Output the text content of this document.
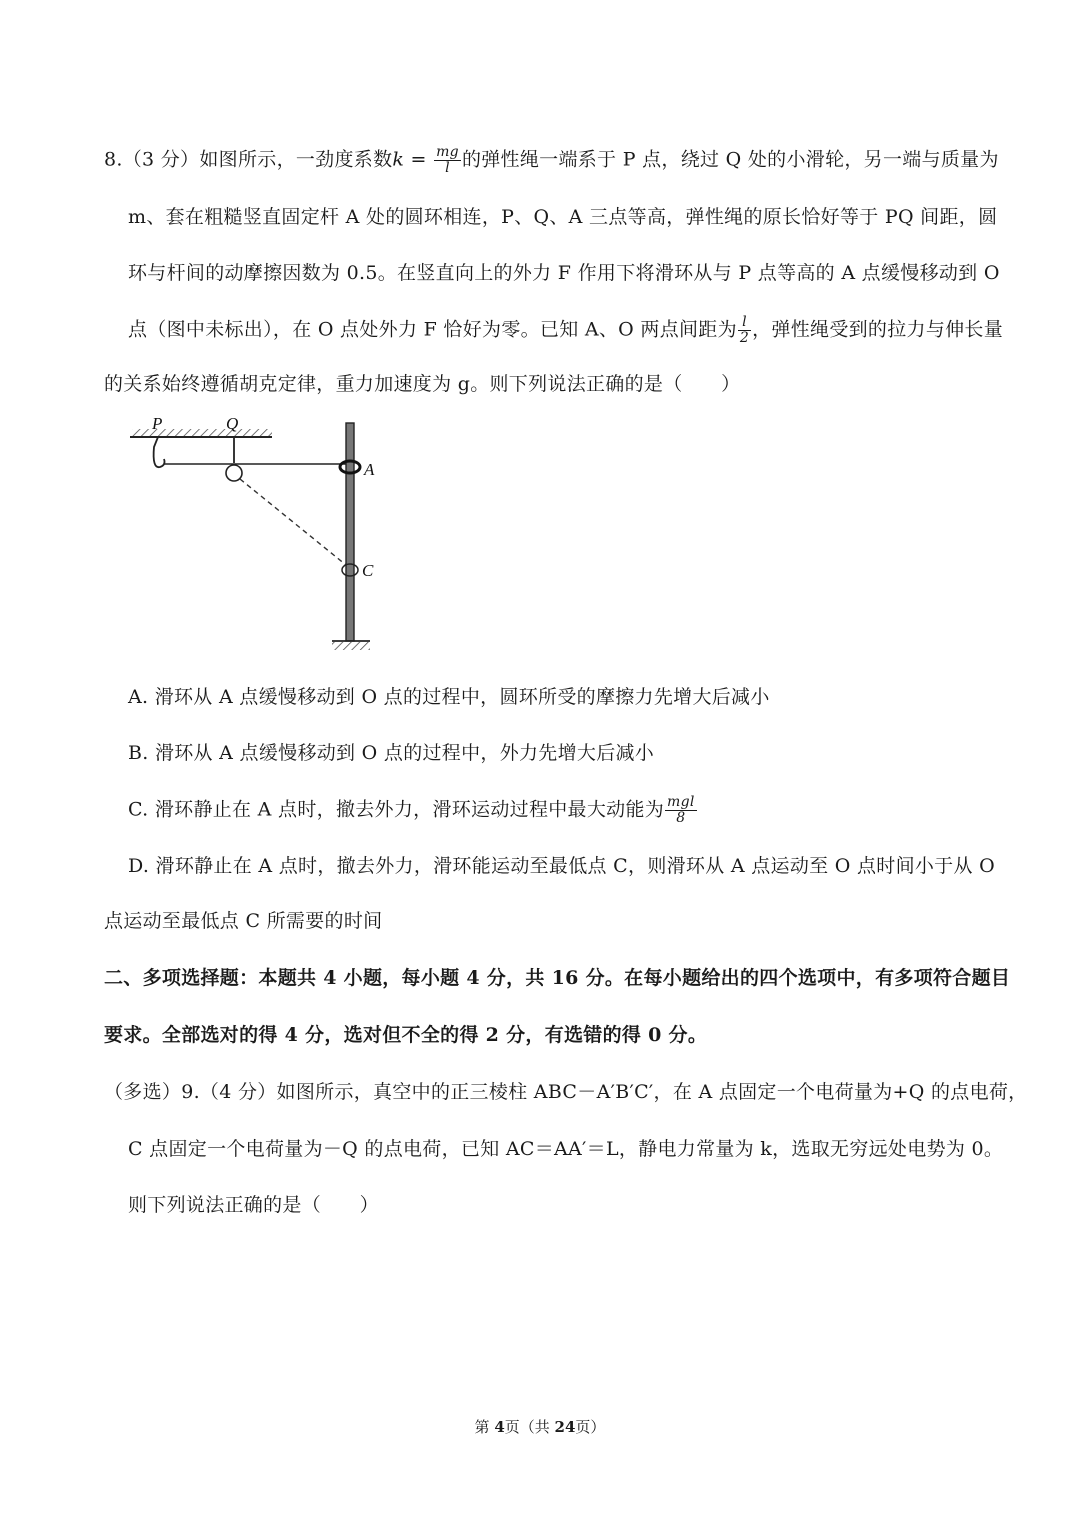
8.（3 分）如图所示，一劲度系数$k = \frac{mg}{l}$ 的弹性绳一端系于 P 点，绕过 Q 处的小滑轮，另一端与质量为
m、套在粗糙竖直固定杆 A 处的圆环相连，P、Q、A 三点等高，弹性绳的原长恰好等于 PQ 间距，圆
环与杆间的动摩擦因数为 0.5。在竖直向上的外力 F 作用下将滑环从与 P 点等高的 A 点缓慢移动到 O
点（图中未标出），在 O 点处外力 F 恰好为零。已知 A、O 两点间距为 $\frac{l}{2}$ ，弹性绳受到的拉力与伸长量
的关系始终遵循胡克定律，重力加速度为 g。则下列说法正确的是（　　）
P	Q
A
C
A. 滑环从 A 点缓慢移动到 O 点的过程中，圆环所受的摩擦力先增大后减小
B. 滑环从 A 点缓慢移动到 O 点的过程中，外力先增大后减小
C. 滑环静止在 A 点时，撤去外力，滑环运动过程中最大动能为 $\frac{\text{mgl}}{8}$
D. 滑环静止在 A 点时，撤去外力，滑环能运动至最低点 C，则滑环从 A 点运动至 O 点时间小于从 O
点运动至最低点 C 所需要的时间
二、多项选择题：本题共 4 小题，每小题 4 分，共 16 分。在每小题给出的四个选项中，有多项符合题目
要求。全部选对的得 4 分，选对但不全的得 2 分，有选错的得 0 分。
（多选）9.（4 分）如图所示，真空中的正三棱柱 ABC－A′B′C′，在 A 点固定一个电荷量为+Q 的点电荷，
C 点固定一个电荷量为－Q 的点电荷，已知 AC＝AA′＝L，静电力常量为 k，选取无穷远处电势为 0。
则下列说法正确的是（　　）
第 4页（共 24页）
